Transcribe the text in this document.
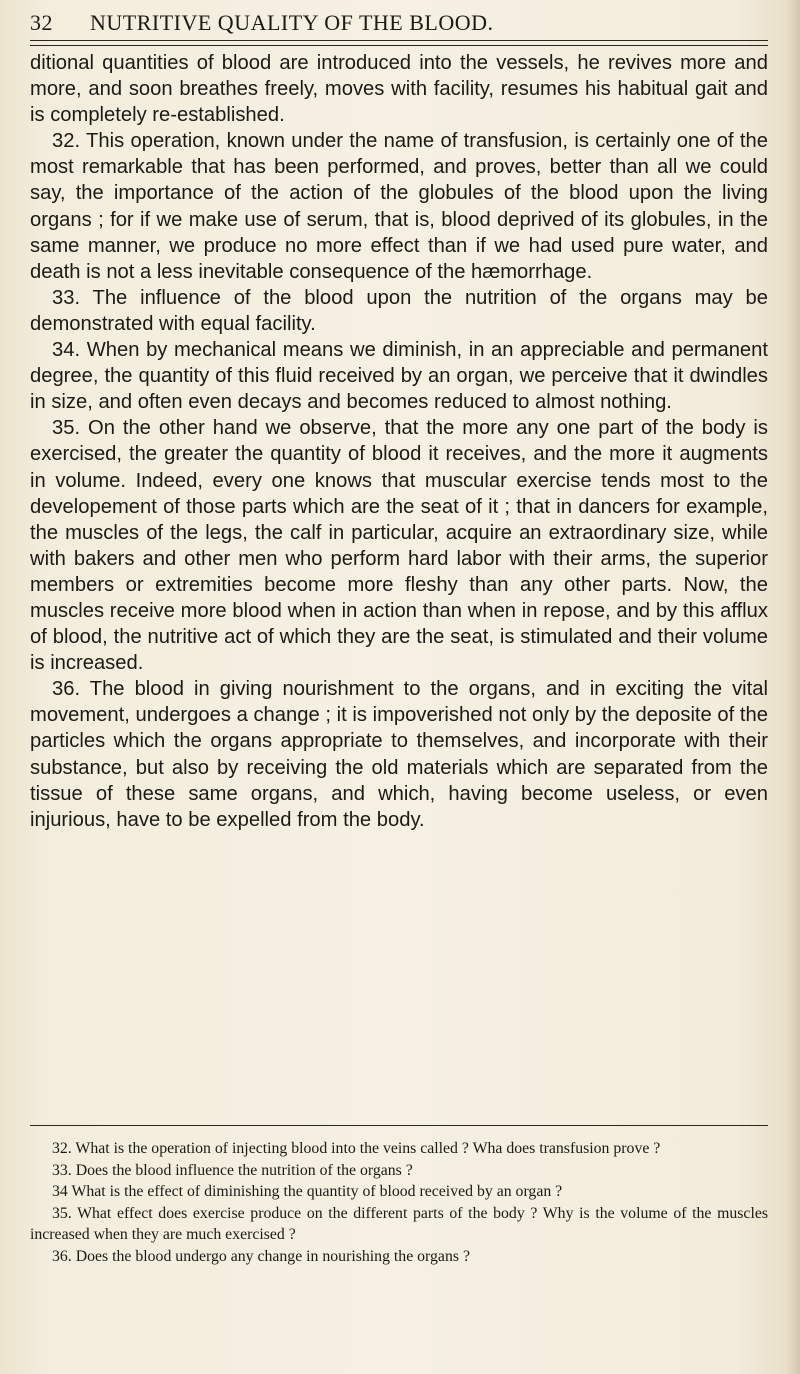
32 NUTRITIVE QUALITY OF THE BLOOD.

ditional quantities of blood are introduced into the vessels, he revives more and more, and soon breathes freely, moves with facility, resumes his habitual gait and is completely re-established.

32. This operation, known under the name of transfusion, is certainly one of the most remarkable that has been performed, and proves, better than all we could say, the importance of the action of the globules of the blood upon the living organs ; for if we make use of serum, that is, blood deprived of its globules, in the same manner, we produce no more effect than if we had used pure water, and death is not a less inevitable consequence of the hæmorrhage.

33. The influence of the blood upon the nutrition of the organs may be demonstrated with equal facility.

34. When by mechanical means we diminish, in an appreciable and permanent degree, the quantity of this fluid received by an organ, we perceive that it dwindles in size, and often even decays and becomes reduced to almost nothing.

35. On the other hand we observe, that the more any one part of the body is exercised, the greater the quantity of blood it receives, and the more it augments in volume. Indeed, every one knows that muscular exercise tends most to the developement of those parts which are the seat of it ; that in dancers for example, the muscles of the legs, the calf in particular, acquire an extraordinary size, while with bakers and other men who perform hard labor with their arms, the superior members or extremities become more fleshy than any other parts. Now, the muscles receive more blood when in action than when in repose, and by this afflux of blood, the nutritive act of which they are the seat, is stimulated and their volume is increased.

36. The blood in giving nourishment to the organs, and in exciting the vital movement, undergoes a change ; it is impoverished not only by the deposite of the particles which the organs appropriate to themselves, and incorporate with their substance, but also by receiving the old materials which are separated from the tissue of these same organs, and which, having become useless, or even injurious, have to be expelled from the body.

32. What is the operation of injecting blood into the veins called ? Wha does transfusion prove ?

33. Does the blood influence the nutrition of the organs ?

34 What is the effect of diminishing the quantity of blood received by an organ ?

35. What effect does exercise produce on the different parts of the body ? Why is the volume of the muscles increased when they are much exercised ?

36. Does the blood undergo any change in nourishing the organs ?
